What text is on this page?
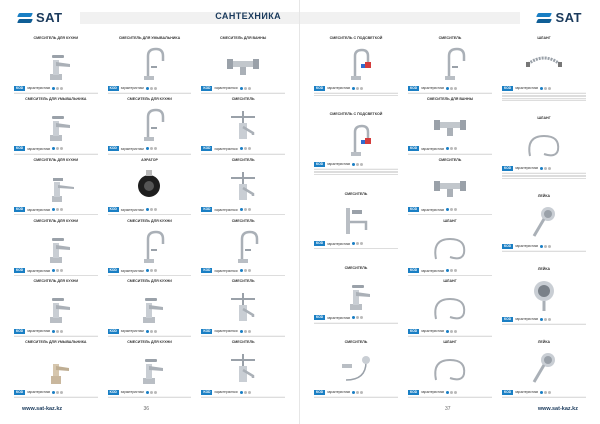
SAT	САНТЕХНИКА
СМЕСИТЕЛЬ ДЛЯ КУХНИ
KOD	характеристики

СМЕСИТЕЛЬ ДЛЯ УМЫВАЛЬНИКА
KOD	характеристики

СМЕСИТЕЛЬ ДЛЯ КУХНИ
KOD	характеристики

СМЕСИТЕЛЬ ДЛЯ КУХНИ
KOD	характеристики

СМЕСИТЕЛЬ ДЛЯ КУХНИ
KOD	характеристики

СМЕСИТЕЛЬ ДЛЯ УМЫВАЛЬНИКА
KOD	характеристики

СМЕСИТЕЛЬ ДЛЯ УМЫВАЛЬНИКА
KOD	характеристики

СМЕСИТЕЛЬ ДЛЯ КУХНИ
KOD	характеристики

АЭРАТОР
KOD	характеристики

СМЕСИТЕЛЬ ДЛЯ КУХНИ
KOD	характеристики

СМЕСИТЕЛЬ ДЛЯ КУХНИ
KOD	характеристики

СМЕСИТЕЛЬ ДЛЯ КУХНИ
KOD	характеристики

СМЕСИТЕЛЬ ДЛЯ ВАННЫ
KOD	характеристики

СМЕСИТЕЛЬ
KOD	характеристики

СМЕСИТЕЛЬ
KOD	характеристики

СМЕСИТЕЛЬ
KOD	характеристики

СМЕСИТЕЛЬ
KOD	характеристики

СМЕСИТЕЛЬ
KOD	характеристики

www.sat-kaz.kz	36
SAT
СМЕСИТЕЛЬ С ПОДСВЕТКОЙ
KOD	характеристики

СМЕСИТЕЛЬ С ПОДСВЕТКОЙ
KOD	характеристики

СМЕСИТЕЛЬ
KOD	характеристики

СМЕСИТЕЛЬ
KOD	характеристики

СМЕСИТЕЛЬ
KOD	характеристики

СМЕСИТЕЛЬ
KOD	характеристики

СМЕСИТЕЛЬ ДЛЯ ВАННЫ
KOD	характеристики

СМЕСИТЕЛЬ
KOD	характеристики

ШЛАНГ
KOD	характеристики

ШЛАНГ
KOD	характеристики

ШЛАНГ
KOD	характеристики

ШЛАНГ
KOD	характеристики

ШЛАНГ
KOD	характеристики

ЛЕЙКА
KOD	характеристики

ЛЕЙКА
KOD	характеристики

ЛЕЙКА
KOD	характеристики

www.sat-kaz.kz
37
